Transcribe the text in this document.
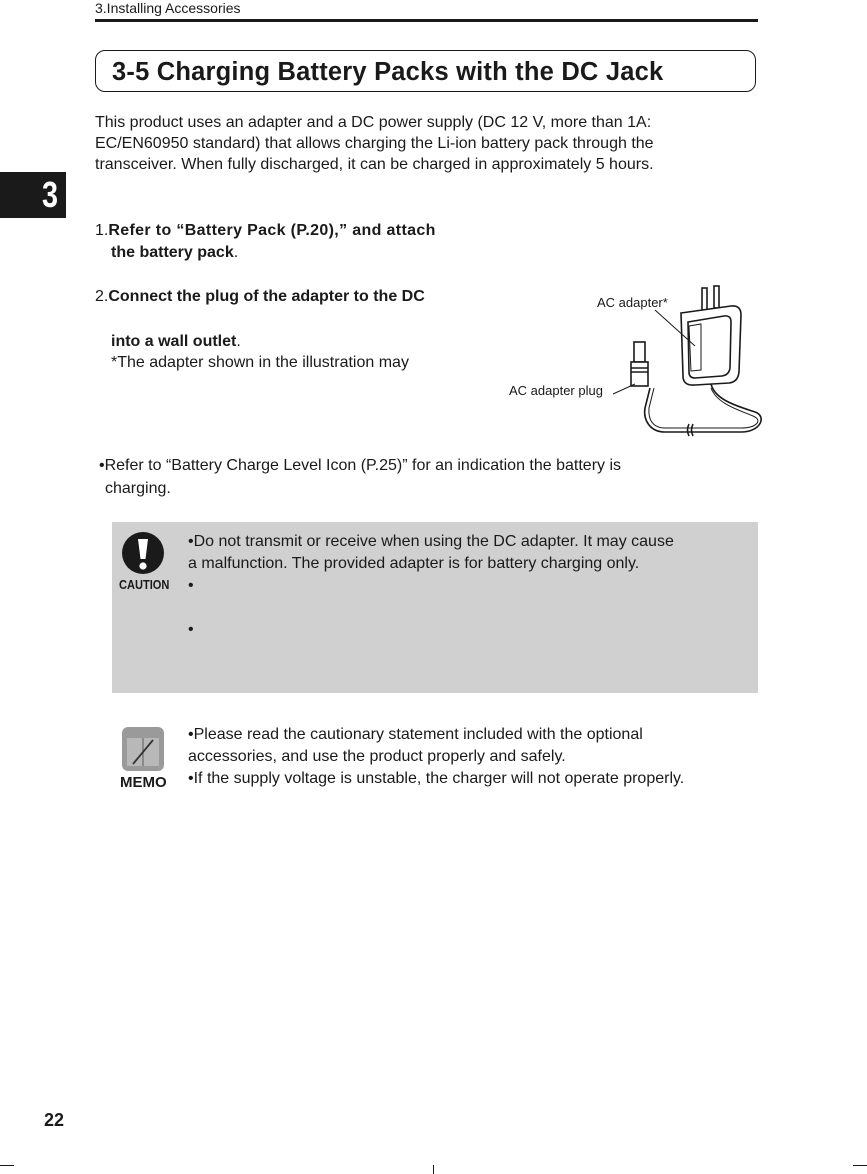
3.Installing Accessories
3-5 Charging Battery Packs with the DC Jack
3
This product uses an adapter and a DC power supply (DC 12 V, more than 1A:
EC/EN60950 standard) that allows charging the Li-ion battery pack through the
transceiver. When fully discharged, it can be charged in approximately 5 hours.
1.Refer to “Battery Pack (P.20),” and attach
the battery pack.
2.Connect the plug of the adapter to the DC
into a wall outlet.
*The adapter shown in the illustration may
AC adapter*
AC adapter plug
•Refer to “Battery Charge Level Icon (P.25)” for an indication the battery is
charging.
CAUTION
•Do not transmit or receive when using the DC adapter. It may cause
a malfunction. The provided adapter is for battery charging only.
•
•
MEMO
•Please read the cautionary statement included with the optional
accessories, and use the product properly and safely.
•If the supply voltage is unstable, the charger will not operate properly.
22
